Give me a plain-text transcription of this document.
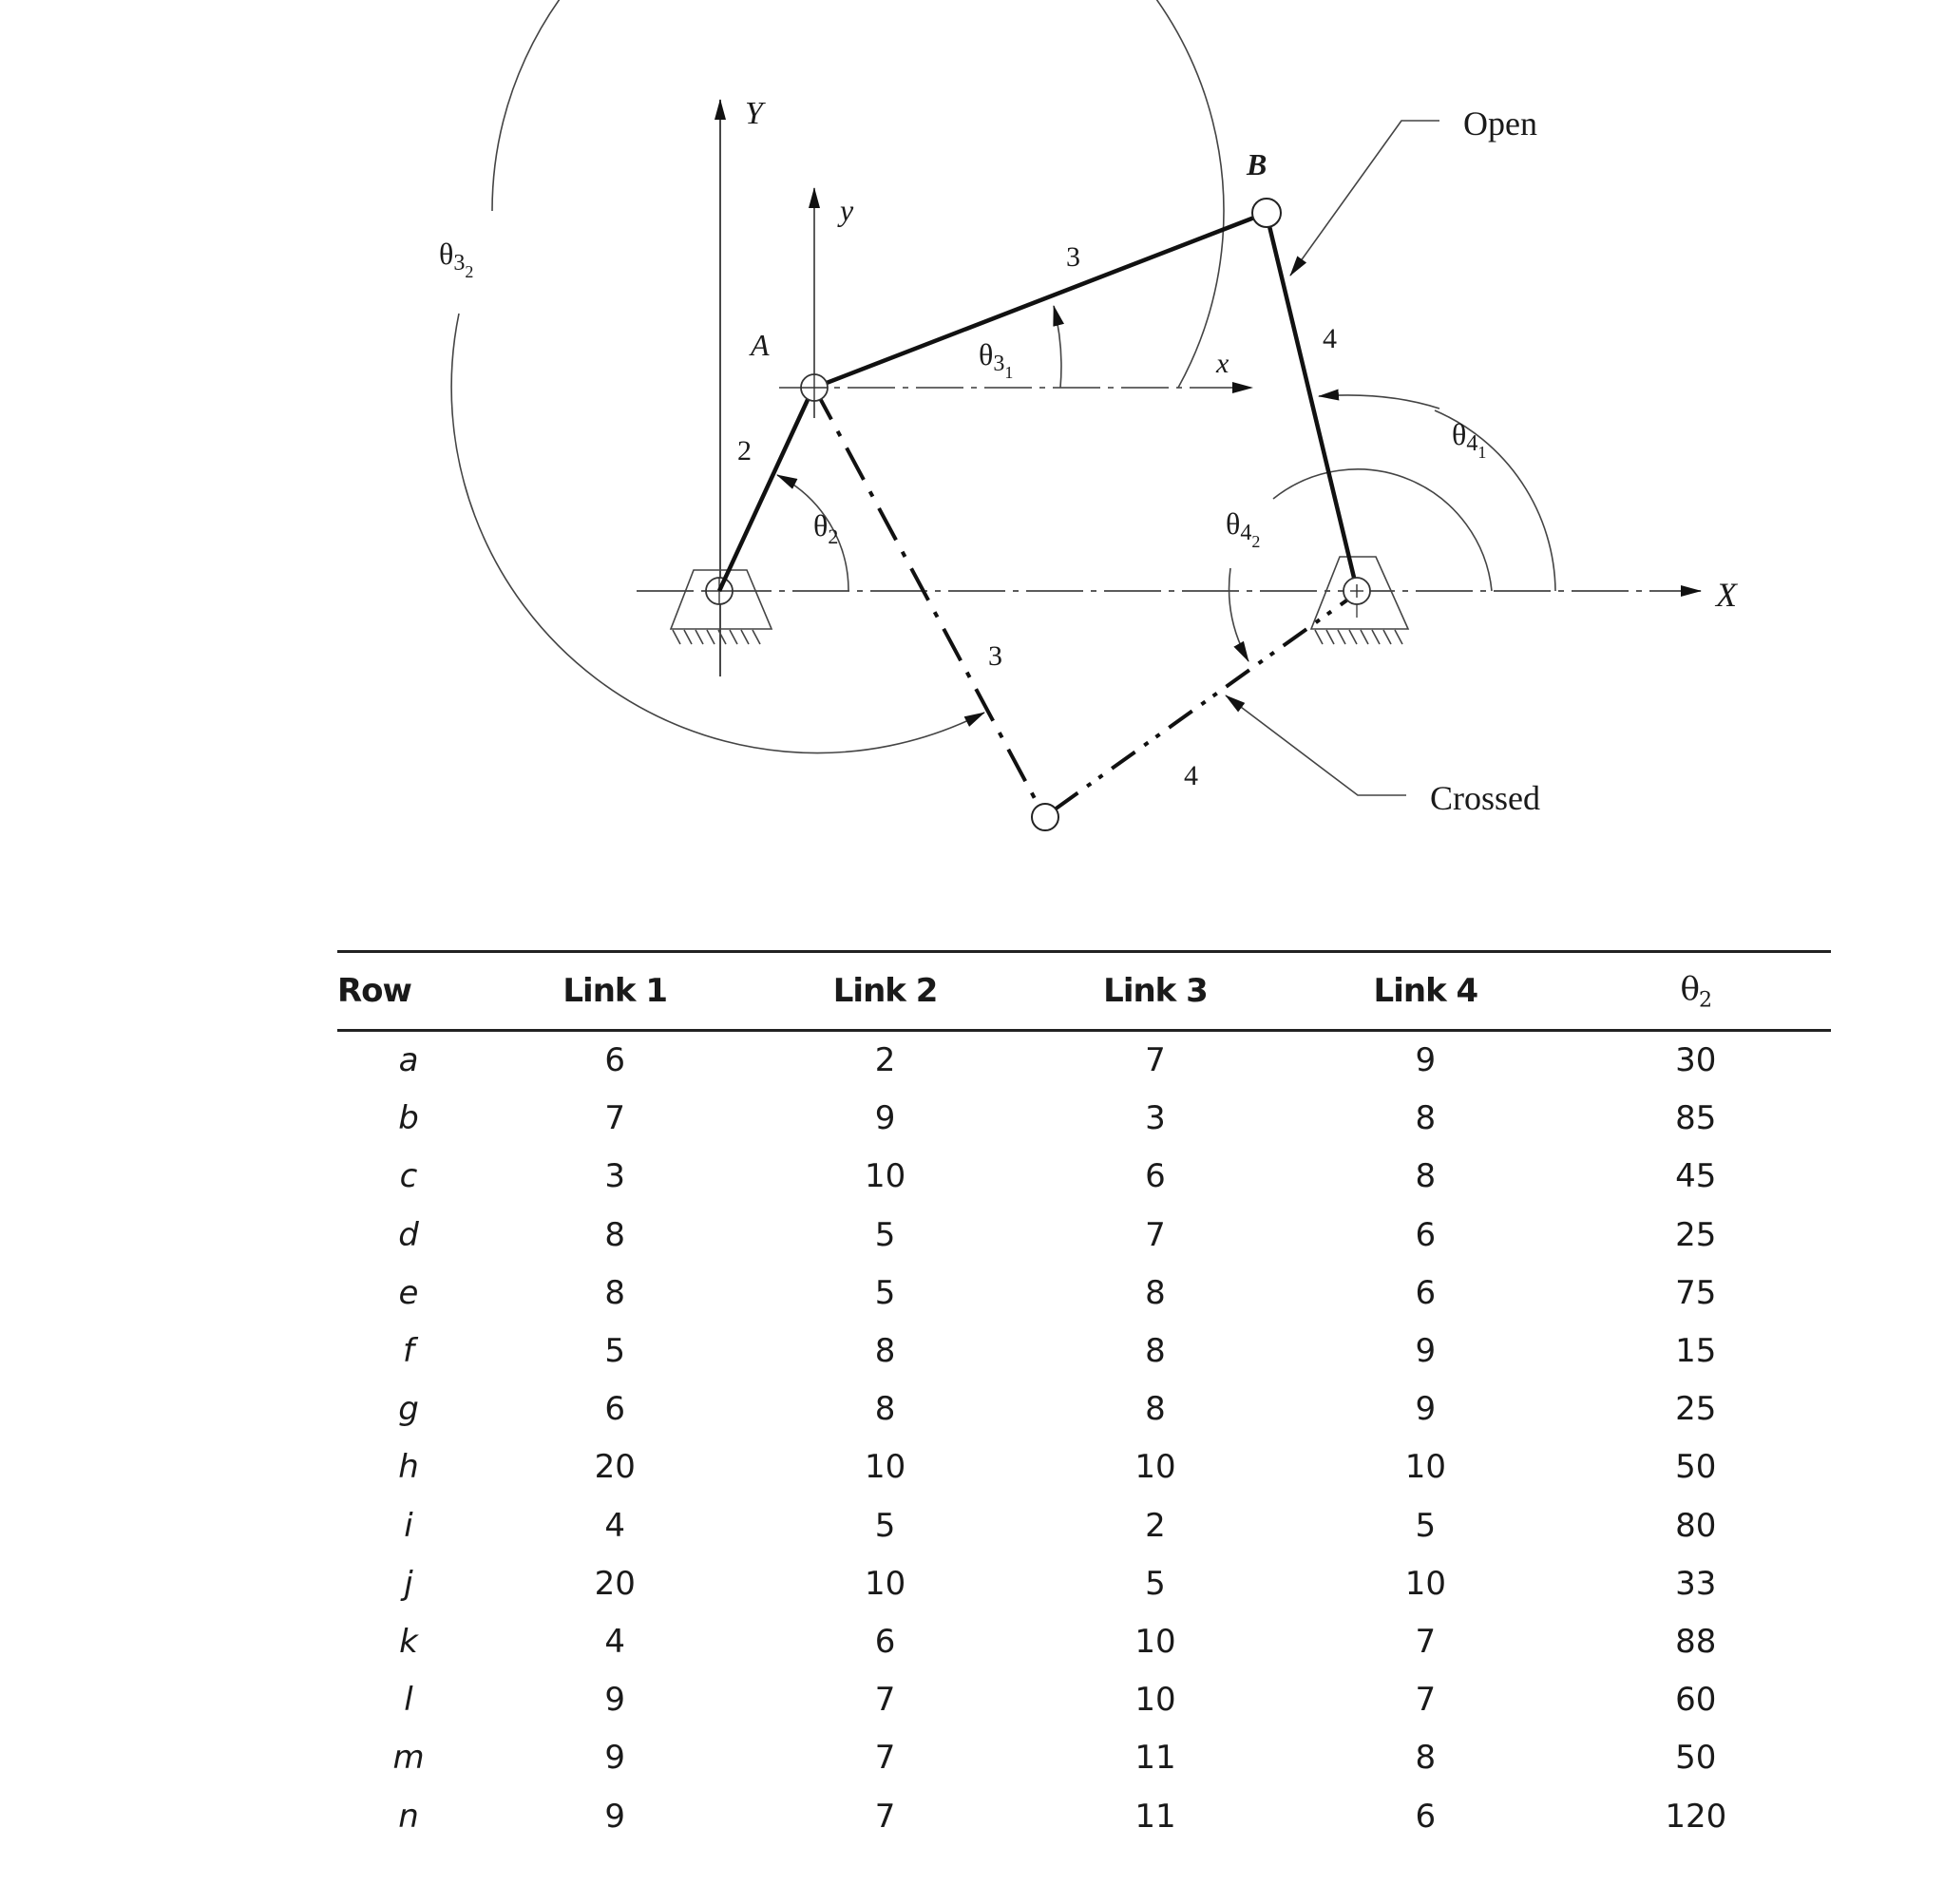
Y
y
x
X
A
B
2
3
4
3
4
$\theta_2$
$\theta 3_1$
$\theta 3_2$
$\theta 4_1$
$\theta 4_2$
Open
Crossed
Row	Link 1	Link 2	Link 3	Link 4	$\theta_2$
a	6	2	7	9	30
b	7	9	3	8	85
c	3	10	6	8	45
d	8	5	7	6	25
e	8	5	8	6	75
f	5	8	8	9	15
g	6	8	8	9	25
h	20	10	10	10	50
i	4	5	2	5	80
j	20	10	5	10	33
k	4	6	10	7	88
l	9	7	10	7	60
m	9	7	11	8	50
n	9	7	11	6	120
